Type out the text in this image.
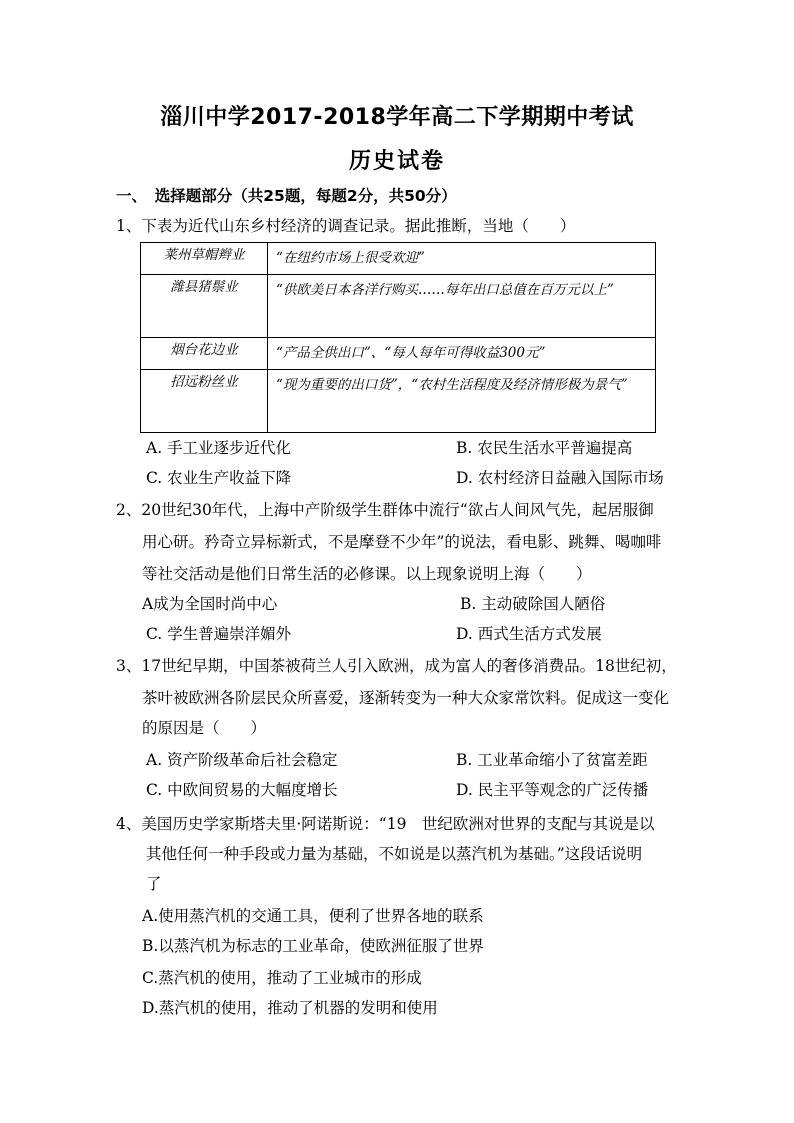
淄川中学2017-2018学年高二下学期期中考试
历史试卷
一、　选择题部分（共25题，每题2分，共50分）
1、下表为近代山东乡村经济的调查记录。据此推断，当地（　　）
莱州草帽辫业	“在纽约市场上很受欢迎”
潍县猪鬃业	“供欧美日本各洋行购买……每年出口总值在百万元以上”
烟台花边业	“产品全供出口”、“每人每年可得收益300元”
招远粉丝业	“现为重要的出口货”，“农村生活程度及经济情形极为景气”
A. 手工业逐步近代化	B. 农民生活水平普遍提高
C. 农业生产收益下降	D. 农村经济日益融入国际市场
2、20世纪30年代，上海中产阶级学生群体中流行“欲占人间风气先，起居服御
用心研。矜奇立异标新式，不是摩登不少年”的说法，看电影、跳舞、喝咖啡
等社交活动是他们日常生活的必修课。以上现象说明上海（　　）
A成为全国时尚中心	B. 主动破除国人陋俗
C. 学生普遍崇洋媚外	D. 西式生活方式发展
3、17世纪早期，中国茶被荷兰人引入欧洲，成为富人的奢侈消费品。18世纪初，
茶叶被欧洲各阶层民众所喜爱，逐渐转变为一种大众家常饮料。促成这一变化
的原因是（　　）
A. 资产阶级革命后社会稳定	B. 工业革命缩小了贫富差距
C. 中欧间贸易的大幅度增长	D. 民主平等观念的广泛传播
4、美国历史学家斯塔夫里·阿诺斯说：“19　世纪欧洲对世界的支配与其说是以
其他任何一种手段或力量为基础，不如说是以蒸汽机为基础。”这段话说明
了
A.使用蒸汽机的交通工具，便利了世界各地的联系
B.以蒸汽机为标志的工业革命，使欧洲征服了世界
C.蒸汽机的使用，推动了工业城市的形成
D.蒸汽机的使用，推动了机器的发明和使用
